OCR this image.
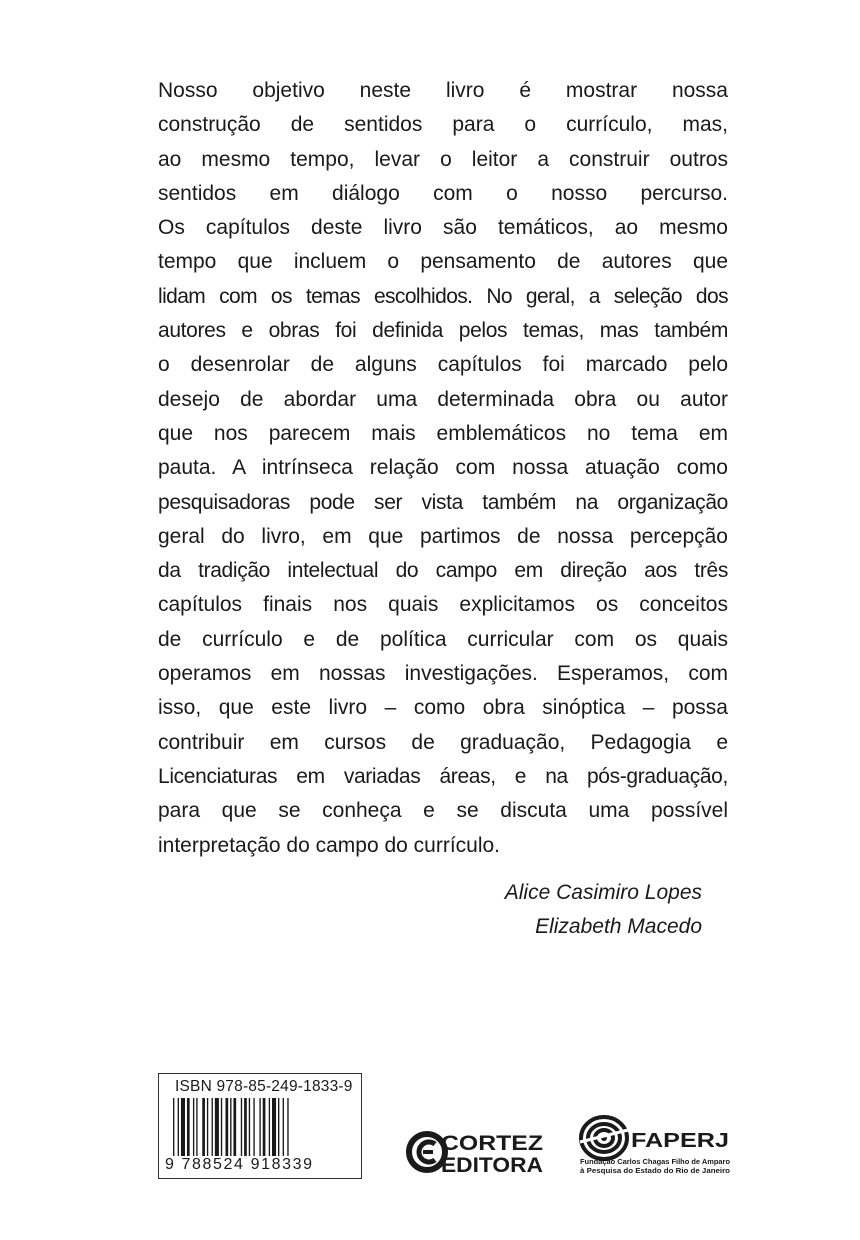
Nosso objetivo neste livro é mostrar nossa
construção de sentidos para o currículo, mas,
ao mesmo tempo, levar o leitor a construir outros
sentidos em diálogo com o nosso percurso.
Os capítulos deste livro são temáticos, ao mesmo
tempo que incluem o pensamento de autores que
lidam com os temas escolhidos. No geral, a seleção dos
autores e obras foi definida pelos temas, mas também
o desenrolar de alguns capítulos foi marcado pelo
desejo de abordar uma determinada obra ou autor
que nos parecem mais emblemáticos no tema em
pauta. A intrínseca relação com nossa atuação como
pesquisadoras pode ser vista também na organização
geral do livro, em que partimos de nossa percepção
da tradição intelectual do campo em direção aos três
capítulos finais nos quais explicitamos os conceitos
de currículo e de política curricular com os quais
operamos em nossas investigações. Esperamos, com
isso, que este livro – como obra sinóptica – possa
contribuir em cursos de graduação, Pedagogia e
Licenciaturas em variadas áreas, e na pós-graduação,
para que se conheça e se discuta uma possível
interpretação do campo do currículo.
Alice Casimiro Lopes
Elizabeth Macedo
ISBN 978-85-249-1833-9
9 788524 918339
CORTEZ
EDITORA
FAPERJ
Fundação Carlos Chagas Filho de Amparo
à Pesquisa do Estado do Rio de Janeiro
